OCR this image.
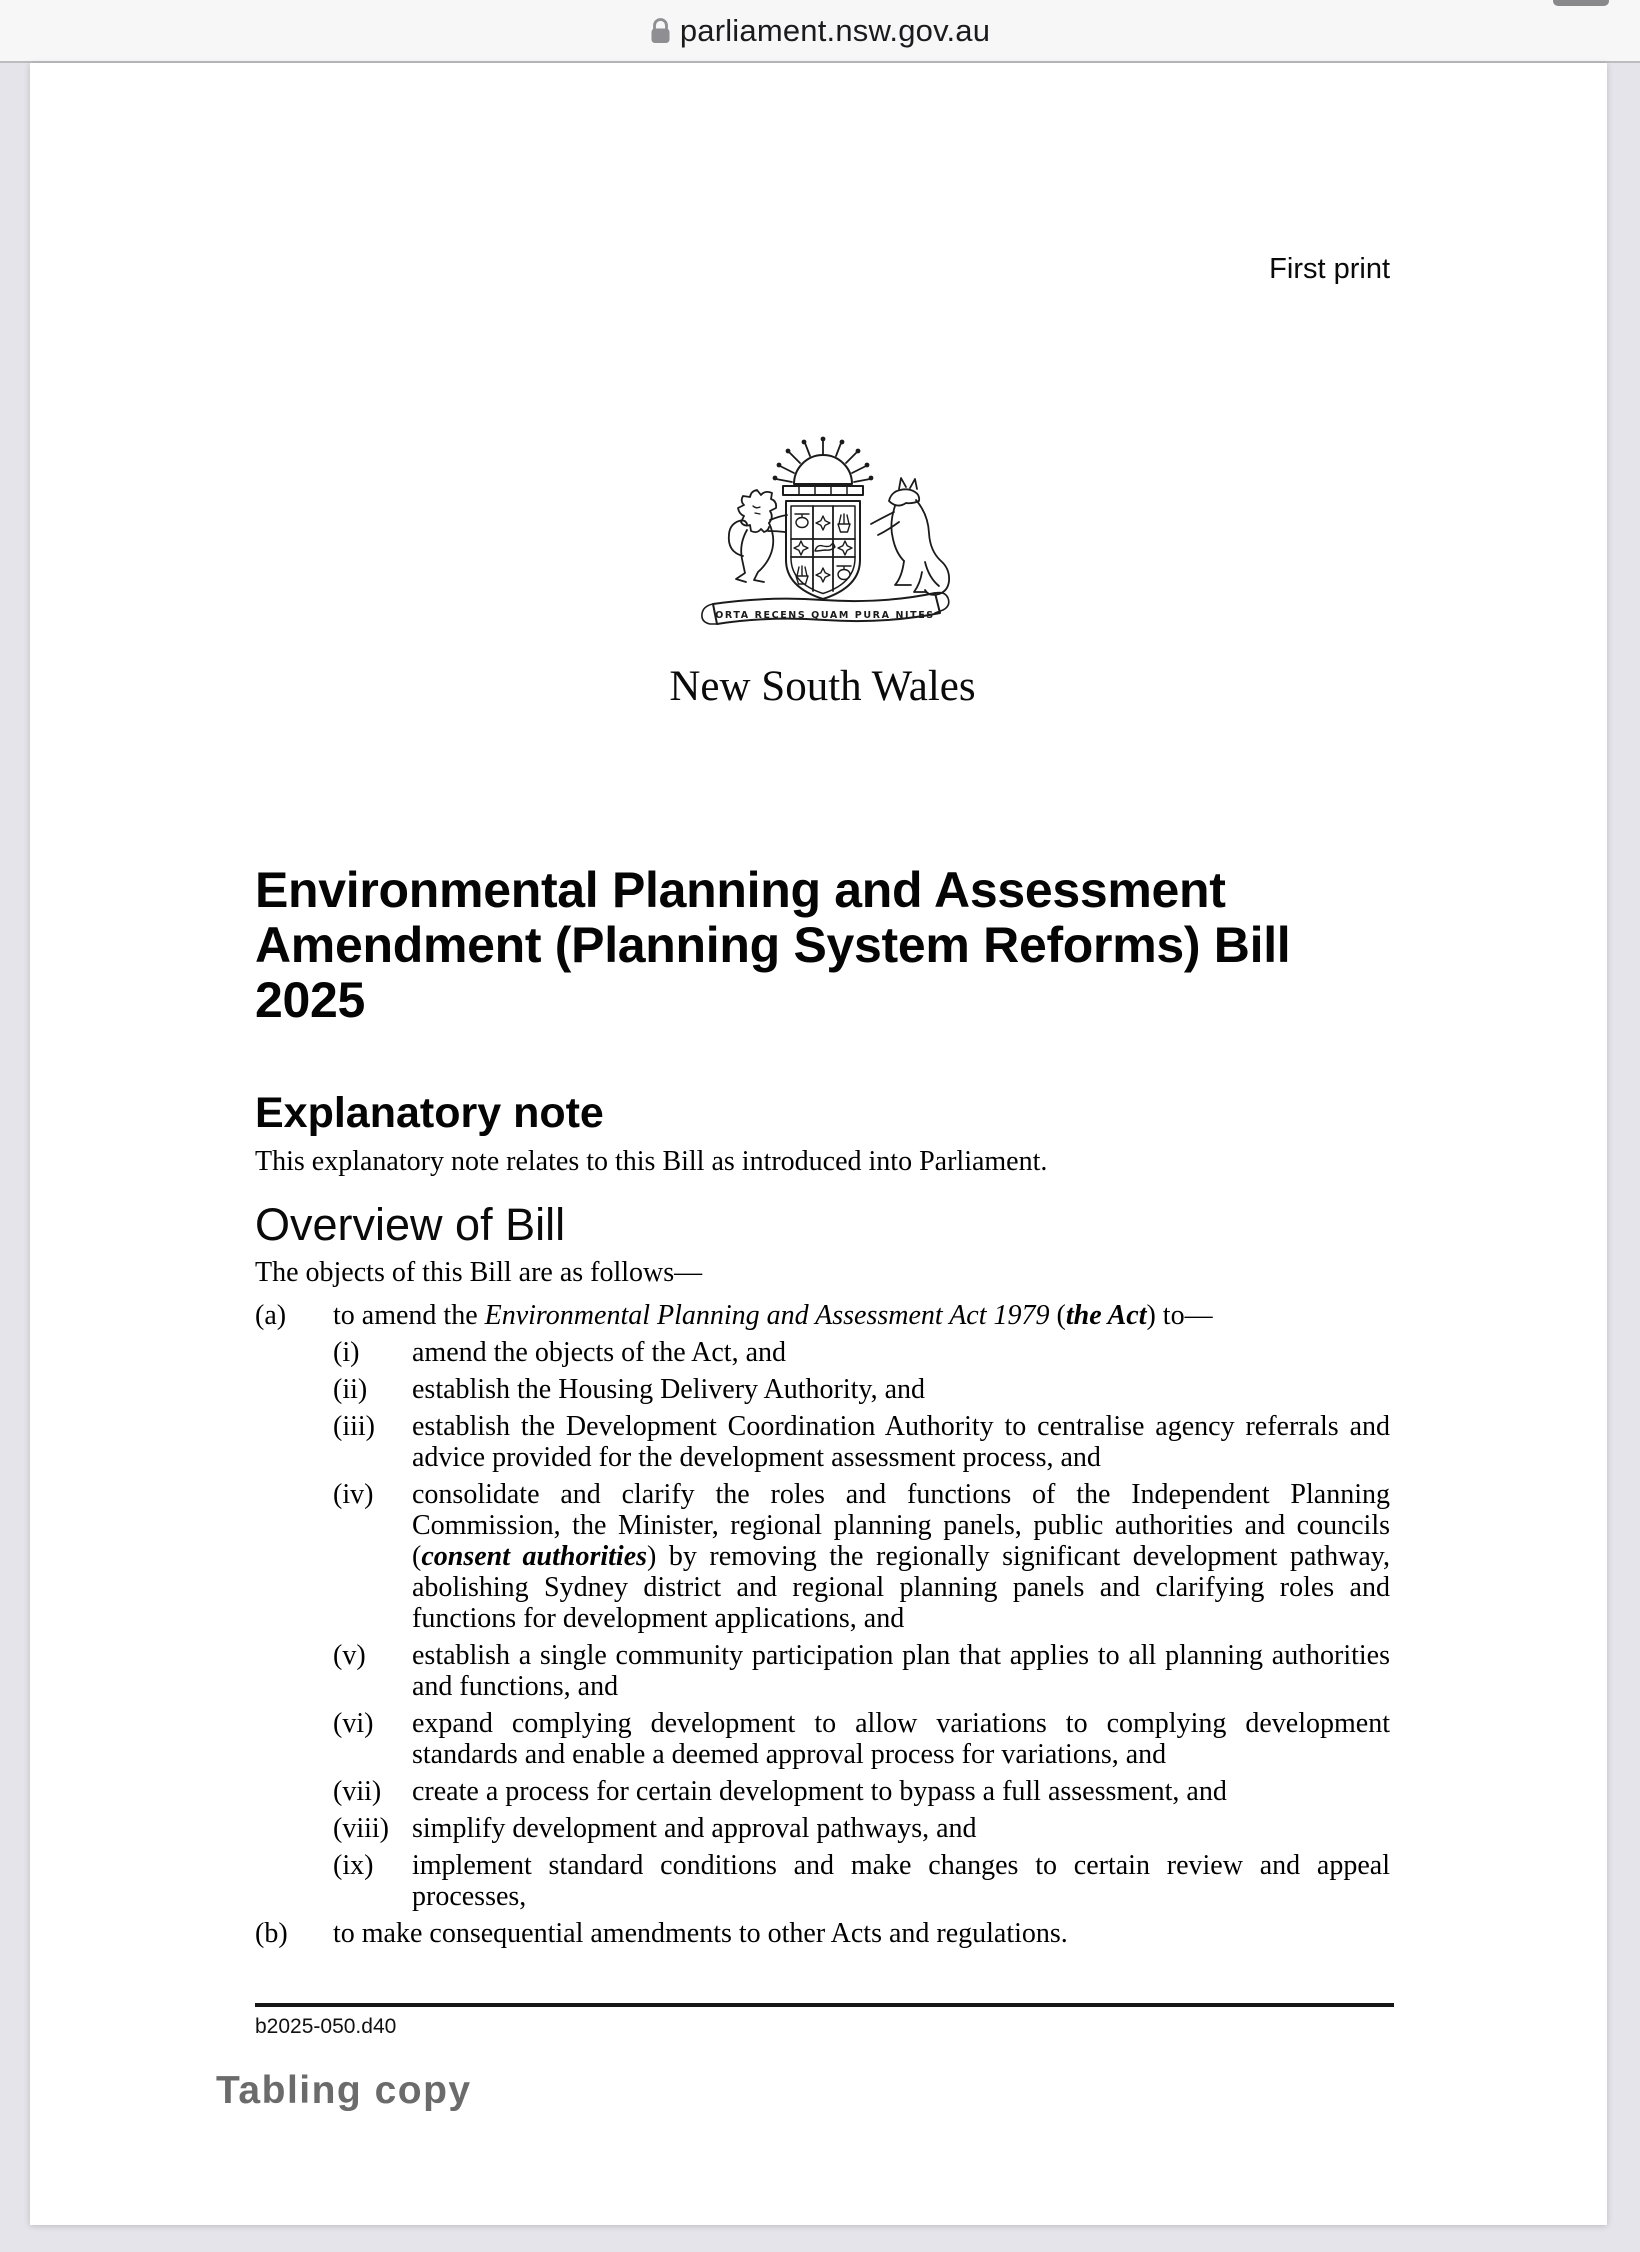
parliament.nsw.gov.au
First print
ORTA RECENS QUAM PURA NITES
New South Wales
Environmental Planning and Assessment
Amendment (Planning System Reforms) Bill
2025
Explanatory note
This explanatory note relates to this Bill as introduced into Parliament.
Overview of Bill
The objects of this Bill are as follows—
(a)	to amend the Environmental Planning and Assessment Act 1979 (the Act) to—
(i)	amend the objects of the Act, and
(ii)	establish the Housing Delivery Authority, and
(iii)	establish the Development Coordination Authority to centralise agency referrals and advice provided for the development assessment process, and
(iv)	consolidate and clarify the roles and functions of the Independent Planning Commission, the Minister, regional planning panels, public authorities and councils (consent authorities) by removing the regionally significant development pathway, abolishing Sydney district and regional planning panels and clarifying roles and functions for development applications, and
(v)	establish a single community participation plan that applies to all planning authorities and functions, and
(vi)	expand complying development to allow variations to complying development standards and enable a deemed approval process for variations, and
(vii)	create a process for certain development to bypass a full assessment, and
(viii) simplify development and approval pathways, and
(ix)	implement standard conditions and make changes to certain review and appeal processes,
(b)	to make consequential amendments to other Acts and regulations.
b2025-050.d40
Tabling copy
